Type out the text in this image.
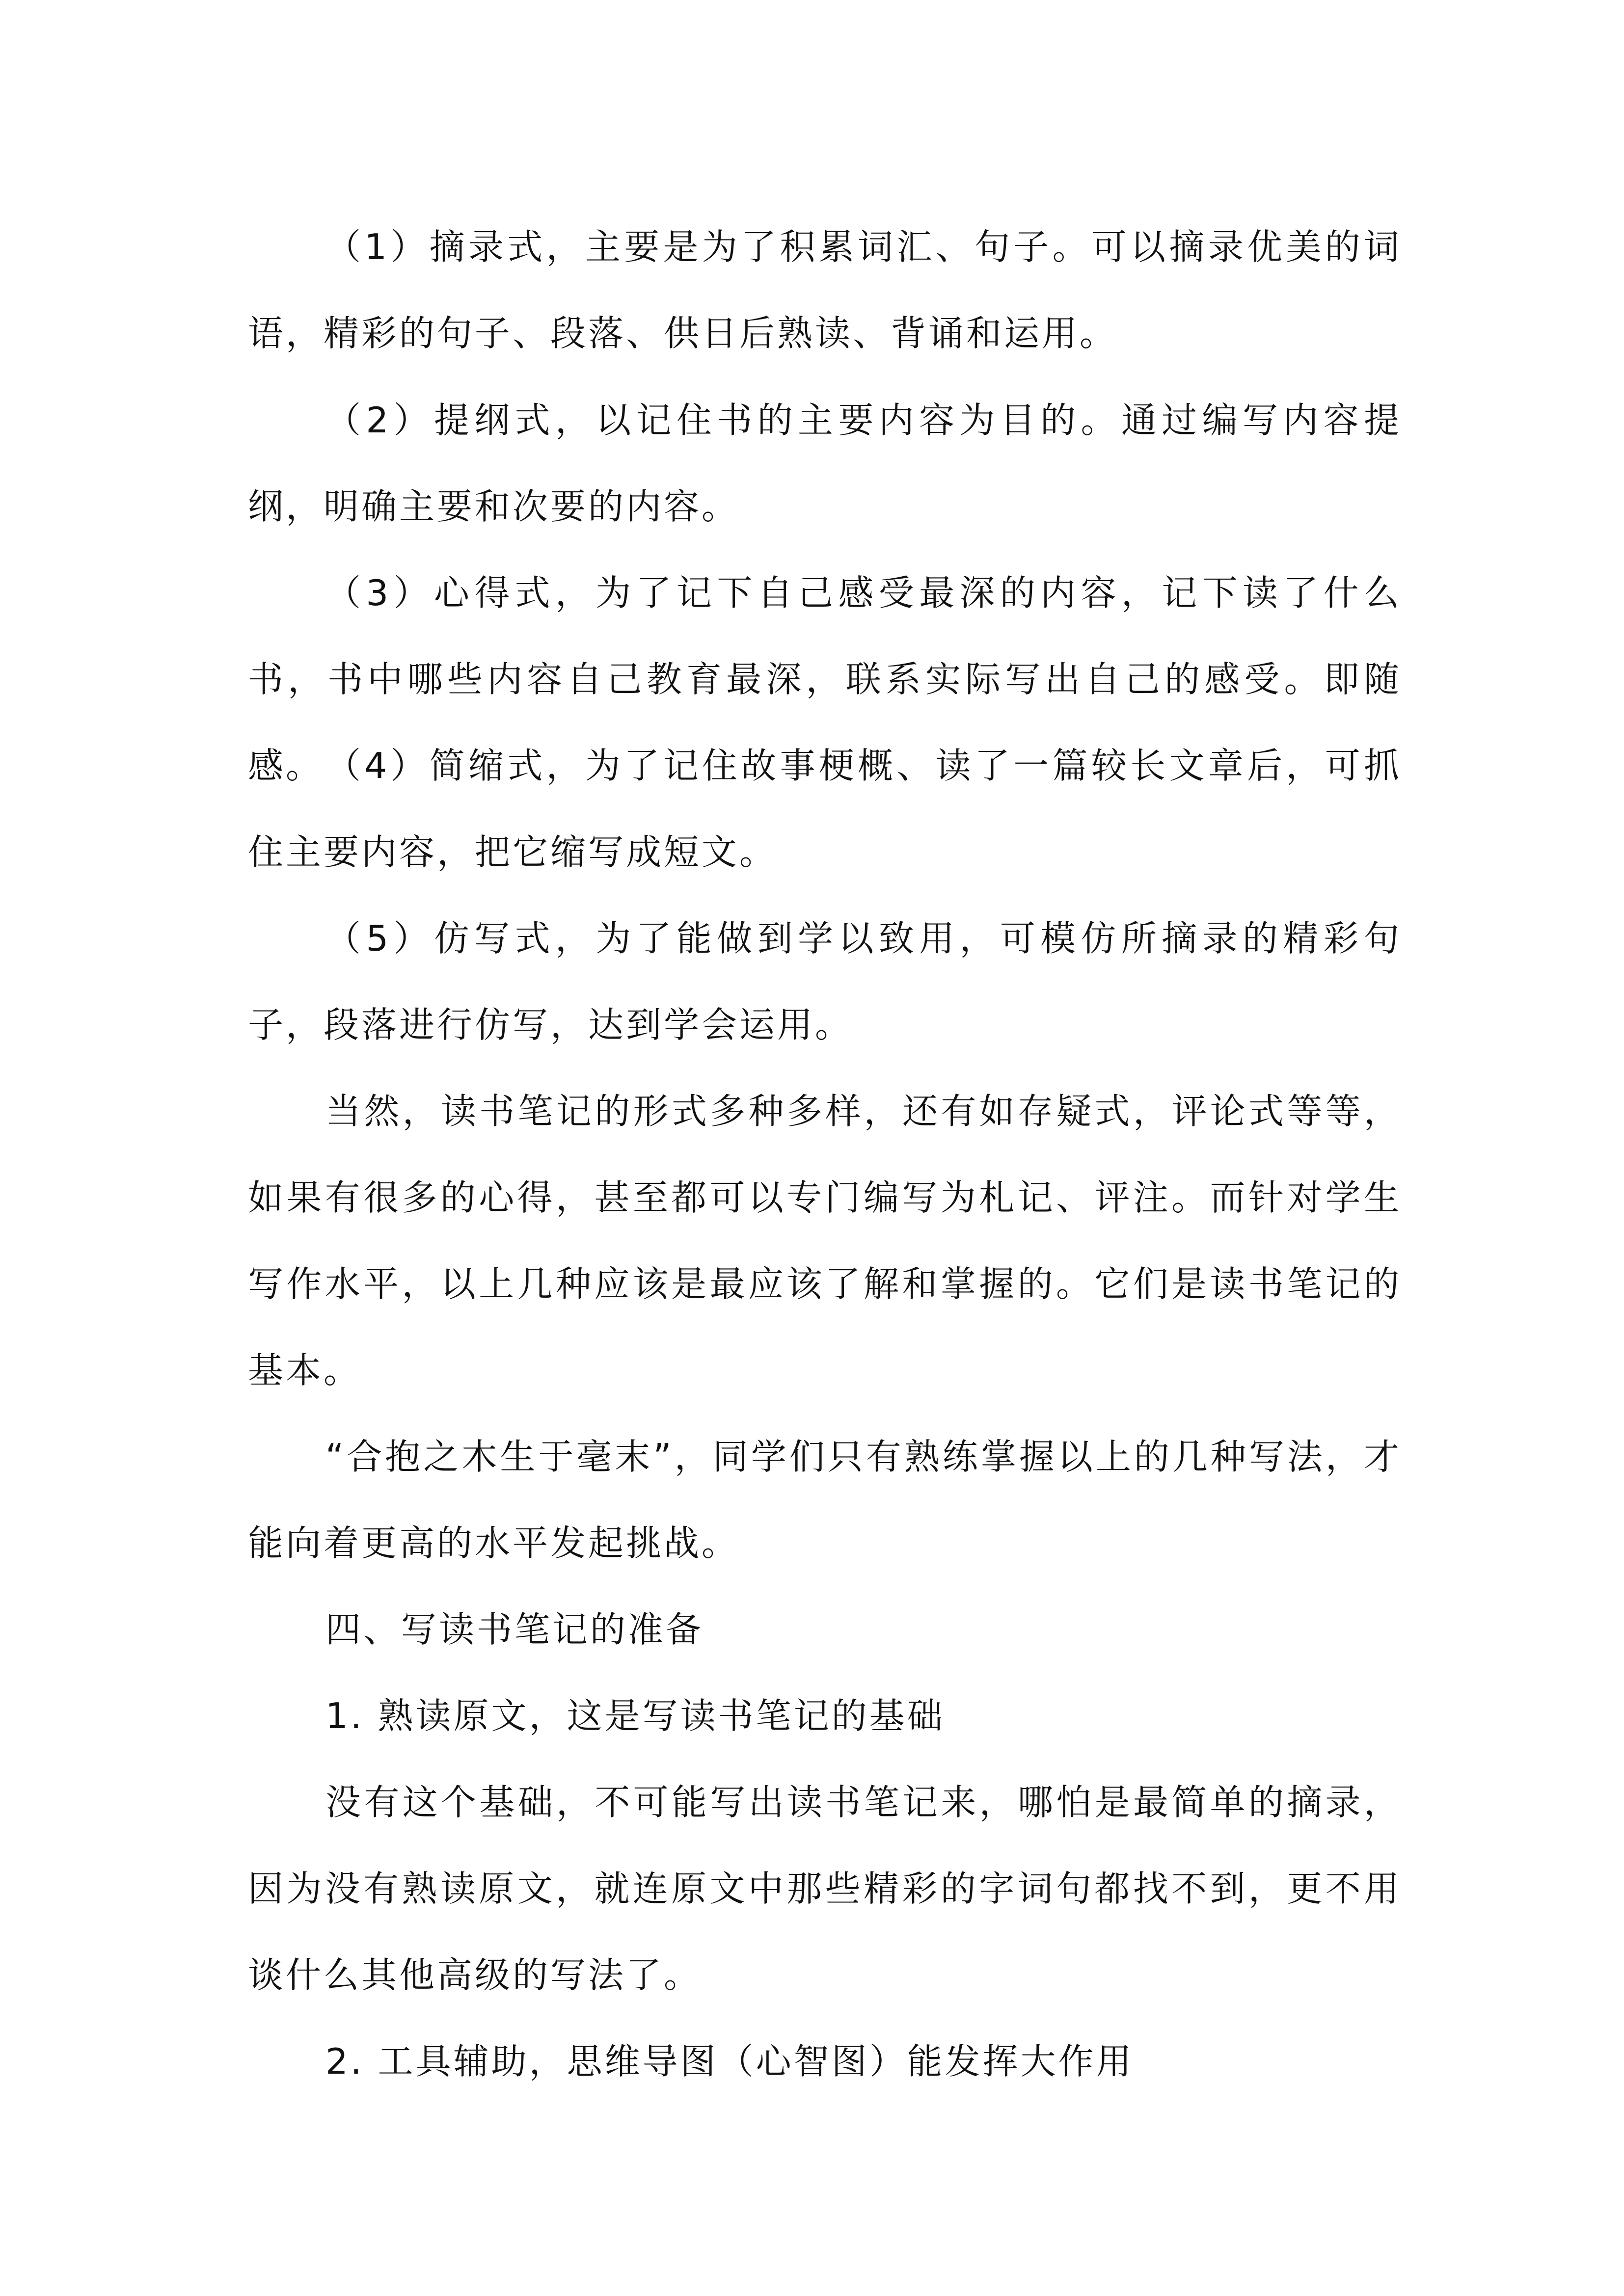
（1）摘录式，主要是为了积累词汇、句子。可以摘录优美的词语，精彩的句子、段落、供日后熟读、背诵和运用。

（2）提纲式，以记住书的主要内容为目的。通过编写内容提纲，明确主要和次要的内容。

（3）心得式，为了记下自己感受最深的内容，记下读了什么书，书中哪些内容自己教育最深，联系实际写出自己的感受。即随感。 （4）简缩式，为了记住故事梗概、读了一篇较长文章后，可抓住主要内容，把它缩写成短文。

（5）仿写式，为了能做到学以致用，可模仿所摘录的精彩句子，段落进行仿写，达到学会运用。

当然，读书笔记的形式多种多样，还有如存疑式，评论式等等，如果有很多的心得，甚至都可以专门编写为札记、评注。而针对学生写作水平，以上几种应该是最应该了解和掌握的。它们是读书笔记的基本。

“合抱之木生于毫末”，同学们只有熟练掌握以上的几种写法，才能向着更高的水平发起挑战。

四、写读书笔记的准备

1. 熟读原文，这是写读书笔记的基础

没有这个基础，不可能写出读书笔记来，哪怕是最简单的摘录，因为没有熟读原文，就连原文中那些精彩的字词句都找不到，更不用谈什么其他高级的写法了。

2. 工具辅助，思维导图（心智图）能发挥大作用
